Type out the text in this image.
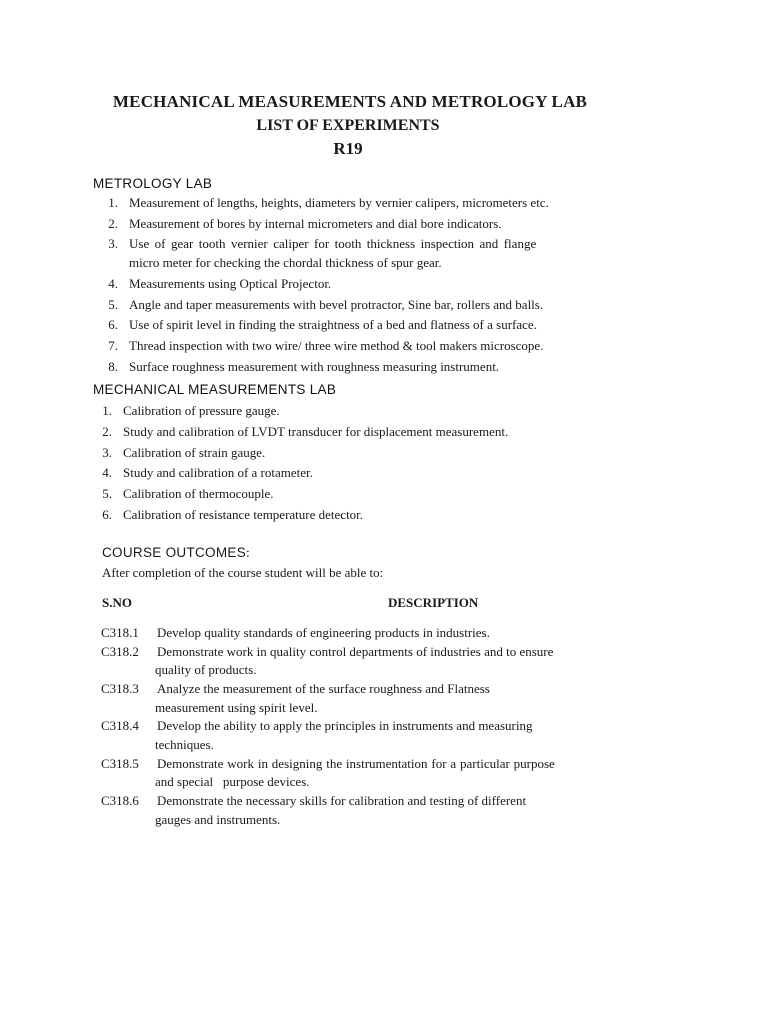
MECHANICAL MEASUREMENTS AND METROLOGY LAB
LIST OF EXPERIMENTS
R19
METROLOGY LAB
1. Measurement of lengths, heights, diameters by vernier calipers, micrometers etc.
2. Measurement of bores by internal micrometers and dial bore indicators.
3. Use of gear tooth vernier caliper for tooth thickness inspection and flange
micro meter for checking the chordal thickness of spur gear.
4. Measurements using Optical Projector.
5. Angle and taper measurements with bevel protractor, Sine bar, rollers and balls.
6. Use of spirit level in finding the straightness of a bed and flatness of a surface.
7. Thread inspection with two wire/ three wire method & tool makers microscope.
8. Surface roughness measurement with roughness measuring instrument.
MECHANICAL MEASUREMENTS LAB
1. Calibration of pressure gauge.
2. Study and calibration of LVDT transducer for displacement measurement.
3. Calibration of strain gauge.
4. Study and calibration of a rotameter.
5. Calibration of thermocouple.
6. Calibration of resistance temperature detector.
COURSE OUTCOMES:
After completion of the course student will be able to:
S.NO	DESCRIPTION
C318.1 Develop quality standards of engineering products in industries.
C318.2 Demonstrate work in quality control departments of industries and to ensure
quality of products.
C318.3 Analyze the measurement of the surface roughness and Flatness
measurement using spirit level.
C318.4 Develop the ability to apply the principles in instruments and measuring
techniques.
C318.5 Demonstrate work in designing the instrumentation for a particular purpose
and special   purpose devices.
C318.6 Demonstrate the necessary skills for calibration and testing of different
gauges and instruments.
